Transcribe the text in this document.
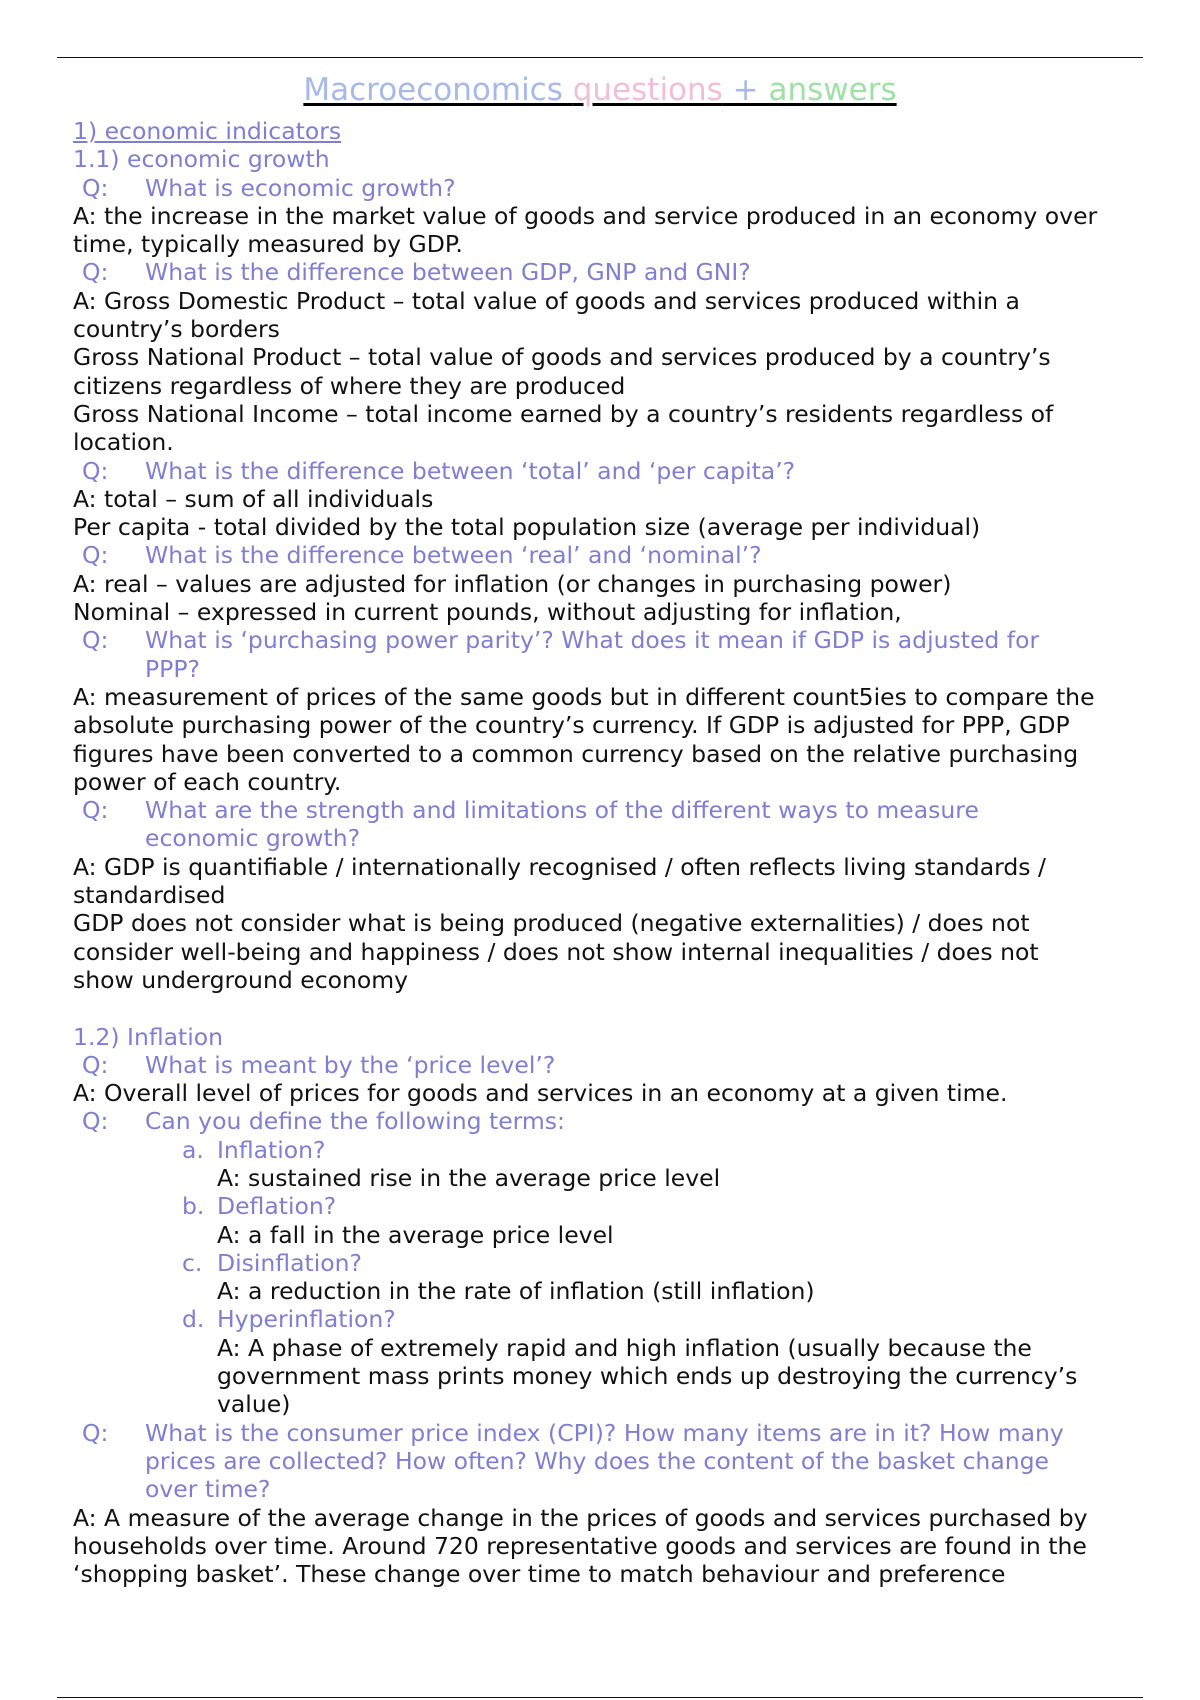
Macroeconomics questions + answers
1) economic indicators
1.1) economic growth
Q:	What is economic growth?
A: the increase in the market value of goods and service produced in an economy over
time, typically measured by GDP.
Q:	What is the difference between GDP, GNP and GNI?
A: Gross Domestic Product – total value of goods and services produced within a
country’s borders
Gross National Product – total value of goods and services produced by a country’s
citizens regardless of where they are produced
Gross National Income – total income earned by a country’s residents regardless of
location.
Q:	What is the difference between ‘total’ and ‘per capita’?
A: total – sum of all individuals
Per capita - total divided by the total population size (average per individual)
Q:	What is the difference between ‘real’ and ‘nominal’?
A: real – values are adjusted for inflation (or changes in purchasing power)
Nominal – expressed in current pounds, without adjusting for inflation,
Q:	What is ‘purchasing power parity’? What does it mean if GDP is adjusted for
PPP?
A: measurement of prices of the same goods but in different count5ies to compare the
absolute purchasing power of the country’s currency. If GDP is adjusted for PPP, GDP
figures have been converted to a common currency based on the relative purchasing
power of each country.
Q:	What are the strength and limitations of the different ways to measure
economic growth?
A: GDP is quantifiable / internationally recognised / often reflects living standards /
standardised
GDP does not consider what is being produced (negative externalities) / does not
consider well-being and happiness / does not show internal inequalities / does not
show underground economy
1.2) Inflation
Q:	What is meant by the ‘price level’?
A: Overall level of prices for goods and services in an economy at a given time.
Q:	Can you define the following terms:
a. Inflation?
A: sustained rise in the average price level
b. Deflation?
A: a fall in the average price level
c. Disinflation?
A: a reduction in the rate of inflation (still inflation)
d. Hyperinflation?
A: A phase of extremely rapid and high inflation (usually because the
government mass prints money which ends up destroying the currency’s
value)
Q:	What is the consumer price index (CPI)? How many items are in it? How many
prices are collected? How often? Why does the content of the basket change
over time?
A: A measure of the average change in the prices of goods and services purchased by
households over time. Around 720 representative goods and services are found in the
‘shopping basket’. These change over time to match behaviour and preference
